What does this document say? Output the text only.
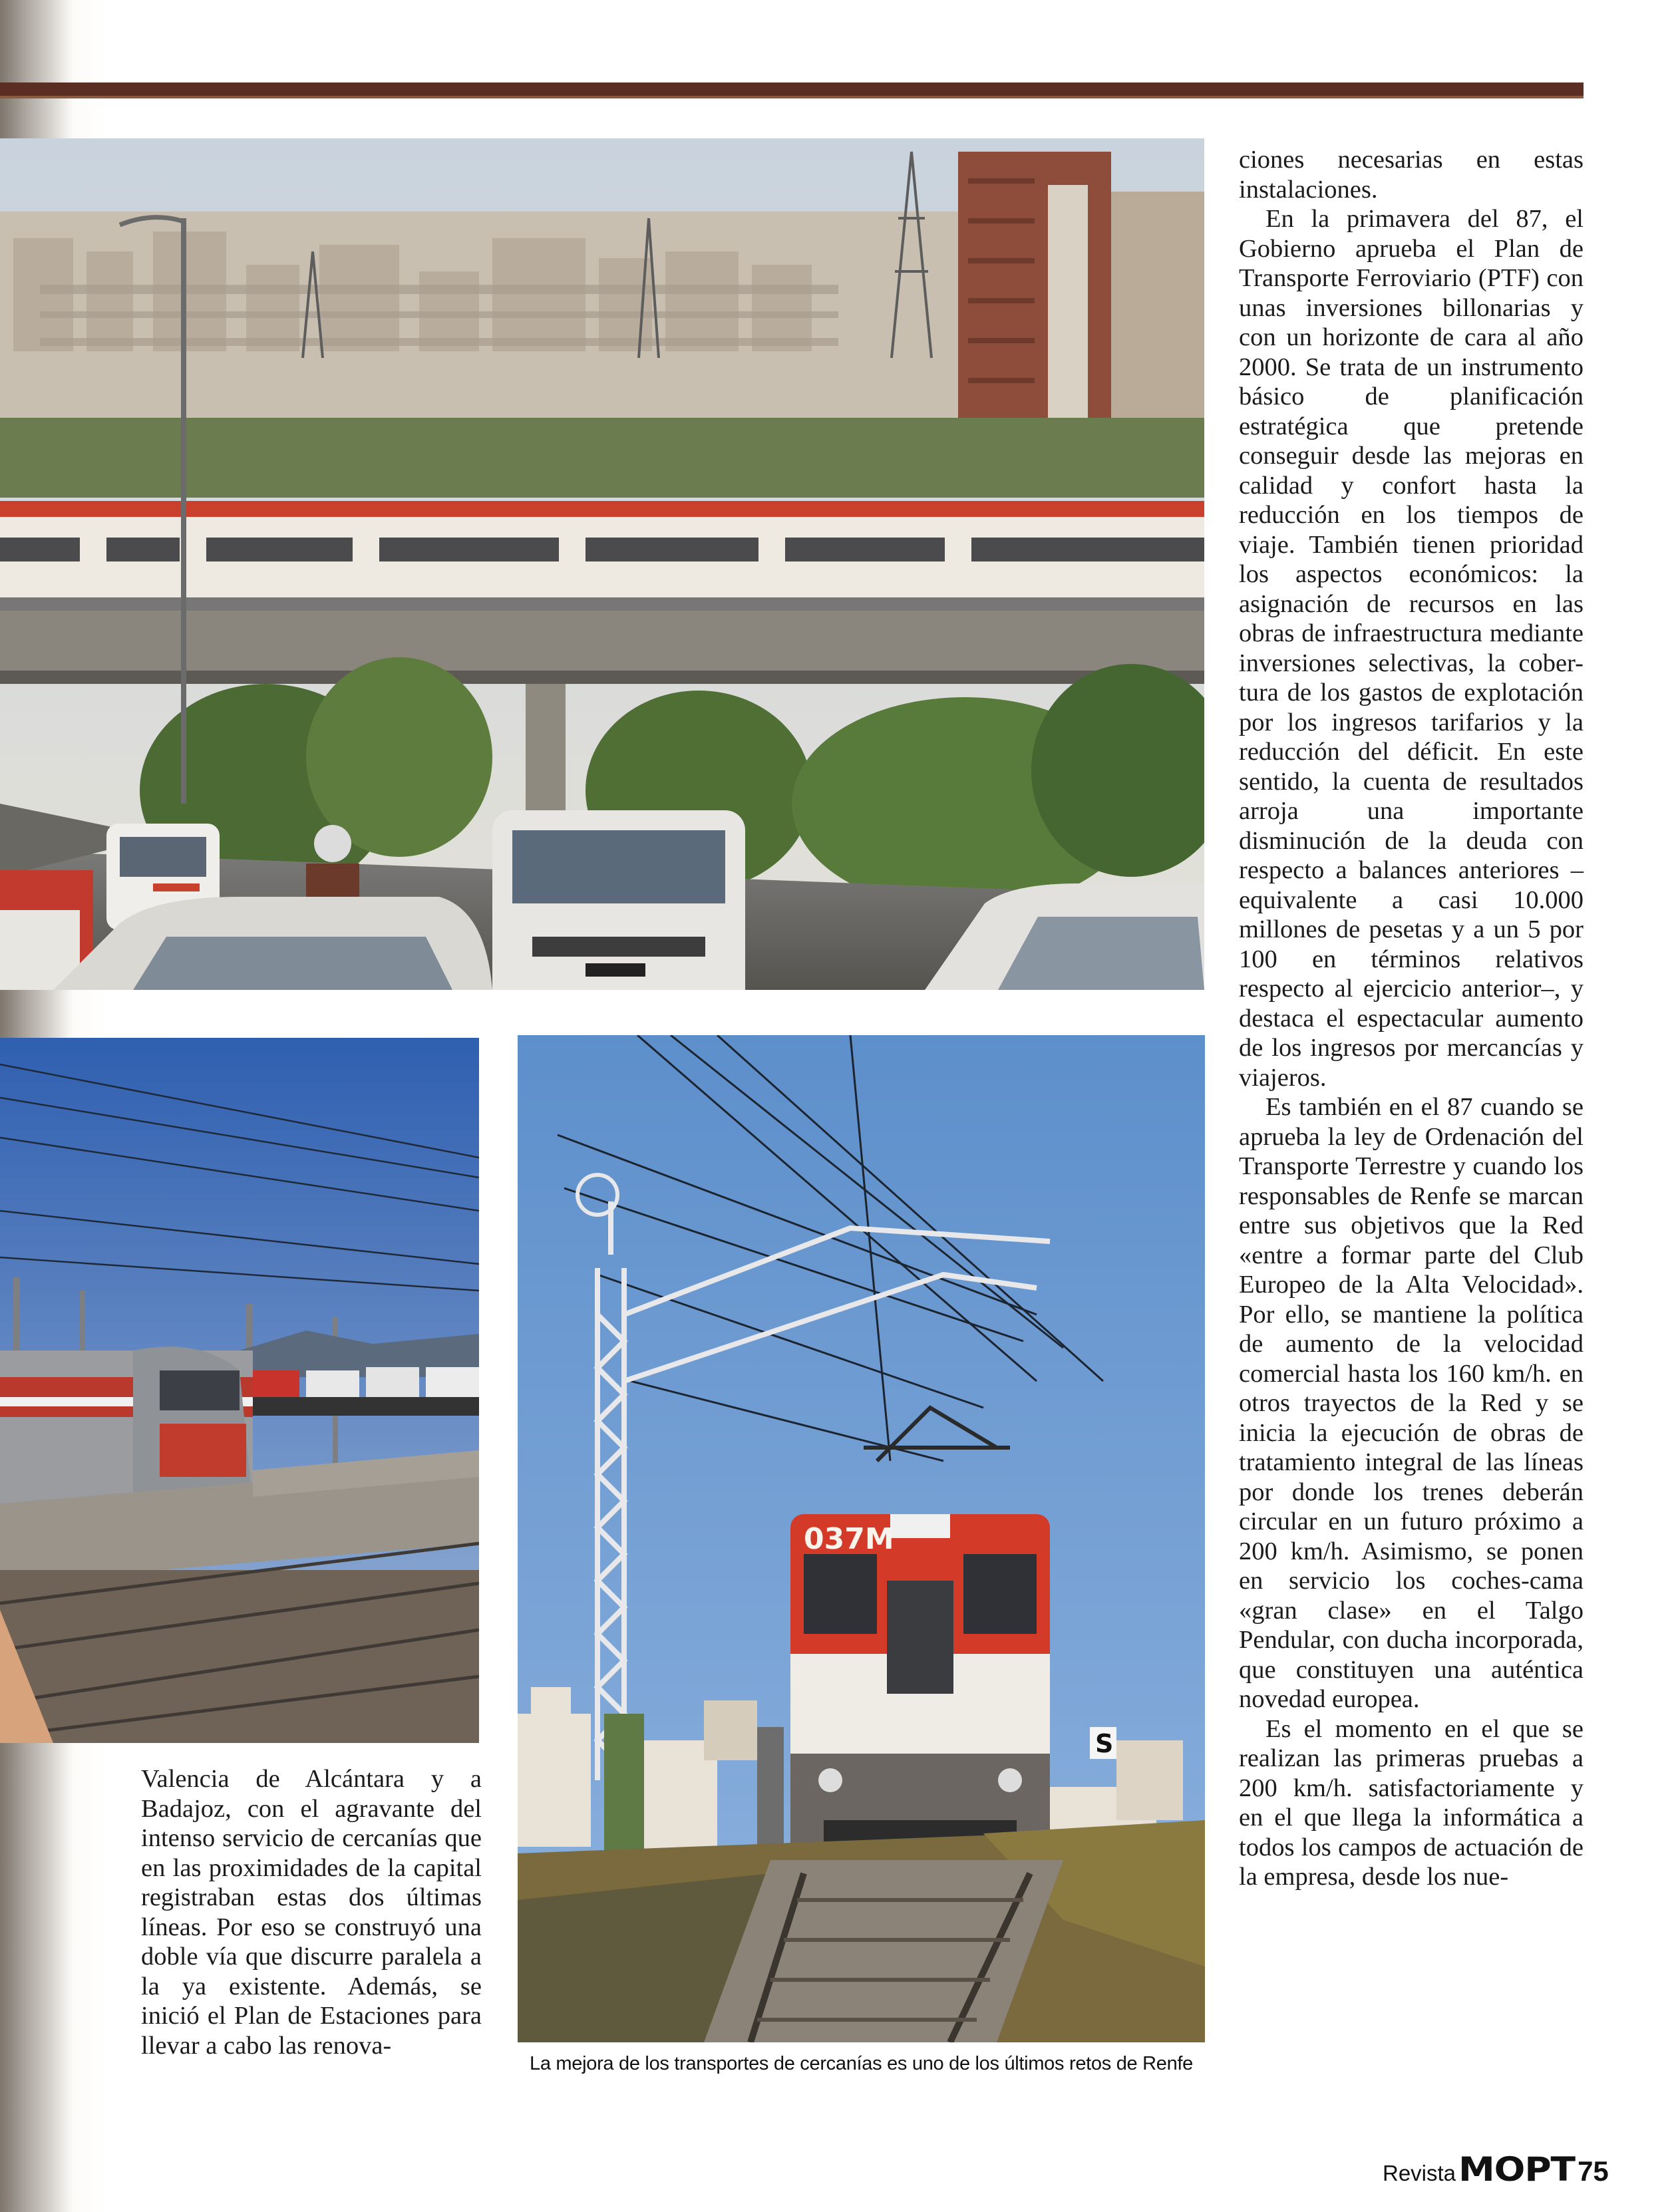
037M
S
La mejora de los transportes de cercanías es uno de los últimos retos de Renfe

ciones necesarias en estas instalaciones.

En la primavera del 87, el Gobierno aprueba el Plan de Transporte Ferroviario (PTF) con unas inversiones billonarias y con un horizonte de cara al año 2000. Se trata de un instrumento básico de planificación estratégica que pretende conseguir desde las mejoras en calidad y confort hasta la reducción en los tiempos de viaje. También tienen prioridad los aspectos económicos: la asignación de recursos en las obras de infraestructura mediante inversiones selectivas, la cober-tura de los gastos de explotación por los ingresos tarifarios y la reducción del déficit. En este sentido, la cuenta de resultados arroja una importante disminución de la deuda con respecto a balances anteriores –equivalente a casi 10.000 millones de pesetas y a un 5 por 100 en términos relativos respecto al ejercicio anterior–, y destaca el espectacular aumento de los ingresos por mercancías y viajeros.

Es también en el 87 cuando se aprueba la ley de Ordenación del Transporte Terrestre y cuando los responsables de Renfe se marcan entre sus objetivos que la Red «entre a formar parte del Club Europeo de la Alta Velocidad». Por ello, se mantiene la política de aumento de la velocidad comercial hasta los 160 km/h. en otros trayectos de la Red y se inicia la ejecución de obras de tratamiento integral de las líneas por donde los trenes deberán circular en un futuro próximo a 200 km/h. Asimismo, se ponen en servicio los coches-cama «gran clase» en el Talgo Pendular, con ducha incorporada, que constituyen una auténtica novedad europea.

Es el momento en el que se realizan las primeras pruebas a 200 km/h. satisfactoriamente y en el que llega la informática a todos los campos de actuación de la empresa, desde los nue-

Valencia de Alcántara y a Badajoz, con el agravante del intenso servicio de cercanías que en las proximidades de la capital registraban estas dos últimas líneas. Por eso se construyó una doble vía que discurre paralela a la ya existente. Además, se inició el Plan de Estaciones para llevar a cabo las renova-

Revista MOPT 75
